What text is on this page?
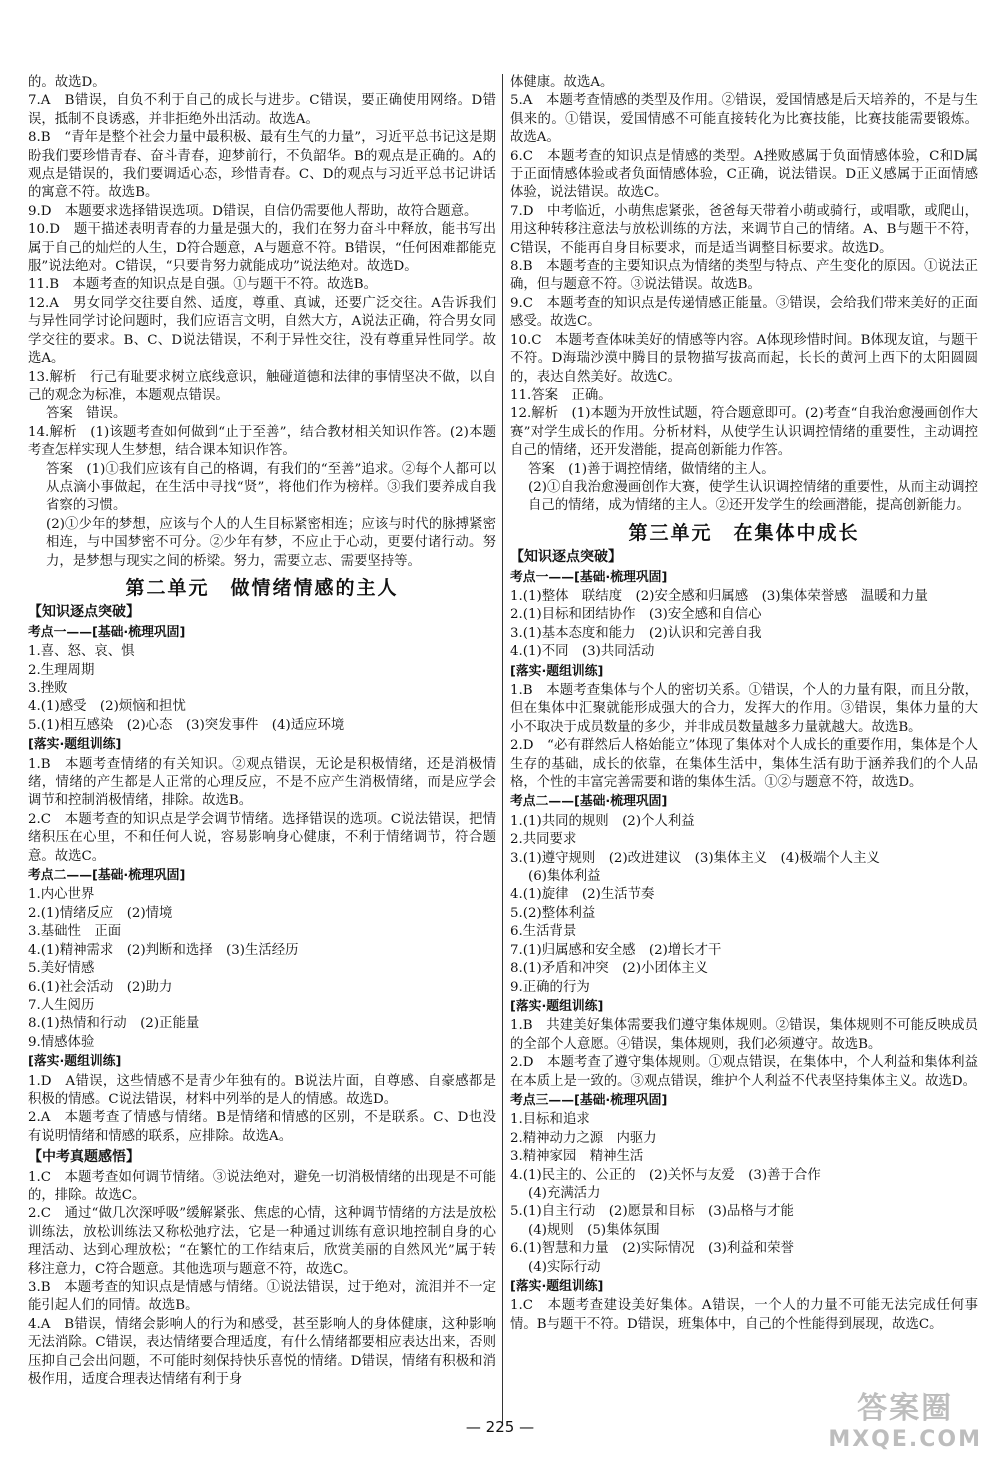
的。故选D。

7.A　B错误，自负不利于自己的成长与进步。C错误，要正确使用网络。D错误，抵制不良诱惑，并非拒绝外出活动。故选A。

8.B　“青年是整个社会力量中最积极、最有生气的力量”，习近平总书记这是期盼我们要珍惜青春、奋斗青春，迎梦前行，不负韶华。B的观点是正确的。A的观点是错误的，我们要调适心态，珍惜青春。C、D的观点与习近平总书记讲话的寓意不符。故选B。

9.D　本题要求选择错误选项。D错误，自信仍需要他人帮助，故符合题意。

10.D　题干描述表明青春的力量是强大的，我们在努力奋斗中释放，能书写出属于自己的灿烂的人生，D符合题意，A与题意不符。B错误，“任何困难都能克服”说法绝对。C错误，“只要肯努力就能成功”说法绝对。故选D。

11.B　本题考查的知识点是自强。①与题干不符。故选B。

12.A　男女同学交往要自然、适度，尊重、真诚，还要广泛交往。A告诉我们与异性同学讨论问题时，我们应语言文明，自然大方，A说法正确，符合男女同学交往的要求。B、C、D说法错误，不利于异性交往，没有尊重异性同学。故选A。

13.解析　行己有耻要求树立底线意识，触碰道德和法律的事情坚决不做，以自己的观念为标准，本题观点错误。

答案　错误。

14.解析　(1)该题考查如何做到“止于至善”，结合教材相关知识作答。(2)本题考查怎样实现人生梦想，结合课本知识作答。

答案　(1)①我们应该有自己的格调，有我们的“至善”追求。②每个人都可以从点滴小事做起，在生活中寻找“贤”，将他们作为榜样。③我们要养成自我省察的习惯。

(2)①少年的梦想，应该与个人的人生目标紧密相连；应该与时代的脉搏紧密相连，与中国梦密不可分。②少年有梦，不应止于心动，更要付诸行动。努力，是梦想与现实之间的桥梁。努力，需要立志、需要坚持等。

第二单元　做情绪情感的主人
【知识逐点突破】
考点一——[基础·梳理巩固]

1.喜、怒、哀、惧

2.生理周期

3.挫败

4.(1)感受　(2)烦恼和担忧

5.(1)相互感染　(2)心态　(3)突发事件　(4)适应环境

[落实·题组训练]

1.B　本题考查情绪的有关知识。②观点错误，无论是积极情绪，还是消极情绪，情绪的产生都是人正常的心理反应，不是不应产生消极情绪，而是应学会调节和控制消极情绪，排除。故选B。

2.C　本题考查的知识点是学会调节情绪。选择错误的选项。C说法错误，把情绪积压在心里，不和任何人说，容易影响身心健康，不利于情绪调节，符合题意。故选C。

考点二——[基础·梳理巩固]

1.内心世界

2.(1)情绪反应　(2)情境

3.基础性　正面

4.(1)精神需求　(2)判断和选择　(3)生活经历

5.美好情感

6.(1)社会活动　(2)助力

7.人生阅历

8.(1)热情和行动　(2)正能量

9.情感体验

[落实·题组训练]

1.D　A错误，这些情感不是青少年独有的。B说法片面，自尊感、自豪感都是积极的情感。C说法错误，材料中列举的是人的情感。故选D。

2.A　本题考查了情感与情绪。B是情绪和情感的区别，不是联系。C、D也没有说明情绪和情感的联系，应排除。故选A。

【中考真题感悟】

1.C　本题考查如何调节情绪。③说法绝对，避免一切消极情绪的出现是不可能的，排除。故选C。

2.C　通过“做几次深呼吸”缓解紧张、焦虑的心情，这种调节情绪的方法是放松训练法，放松训练法又称松弛疗法，它是一种通过训练有意识地控制自身的心理活动、达到心理放松；“在繁忙的工作结束后，欣赏美丽的自然风光”属于转移注意力，C符合题意。其他选项与题意不符，故选C。

3.B　本题考查的知识点是情感与情绪。①说法错误，过于绝对，流泪并不一定能引起人们的同情。故选B。

4.A　B错误，情绪会影响人的行为和感受，甚至影响人的身体健康，这种影响无法消除。C错误，表达情绪要合理适度，有什么情绪都要相应表达出来，否则压抑自己会出问题，不可能时刻保持快乐喜悦的情绪。D错误，情绪有积极和消极作用，适度合理表达情绪有利于身

体健康。故选A。

5.A　本题考查情感的类型及作用。②错误，爱国情感是后天培养的，不是与生俱来的。①错误，爱国情感不可能直接转化为比赛技能，比赛技能需要锻炼。故选A。

6.C　本题考查的知识点是情感的类型。A挫败感属于负面情感体验，C和D属于正面情感体验或者负面情感体验，C正确，说法错误。D正义感属于正面情感体验，说法错误。故选C。

7.D　中考临近，小萌焦虑紧张，爸爸每天带着小萌或骑行，或唱歌，或爬山，用这种转移注意法与放松训练的方法，来调节自己的情绪。A、B与题干不符，C错误，不能再自身目标要求，而是适当调整目标要求。故选D。

8.B　本题考查的主要知识点为情绪的类型与特点、产生变化的原因。①说法正确，但与题意不符。③说法错误。故选B。

9.C　本题考查的知识点是传递情感正能量。③错误，会给我们带来美好的正面感受。故选C。

10.C　本题考查体味美好的情感等内容。A体现珍惜时间。B体现友谊，与题干不符。D海瑞沙漠中腾目的景物描写拔高而起，长长的黄河上西下的太阳圆圆的，表达自然美好。故选C。

11.答案　正确。

12.解析　(1)本题为开放性试题，符合题意即可。(2)考查“自我治愈漫画创作大赛”对学生成长的作用。分析材料，从使学生认识调控情绪的重要性，主动调控自己的情绪，还开发潜能，提高创新能力作答。

答案　(1)善于调控情绪，做情绪的主人。

(2)①自我治愈漫画创作大赛，使学生认识调控情绪的重要性，从而主动调控自己的情绪，成为情绪的主人。②还开发学生的绘画潜能，提高创新能力。

第三单元　在集体中成长
【知识逐点突破】
考点一——[基础·梳理巩固]

1.(1)整体　联结度　(2)安全感和归属感　(3)集体荣誉感　温暖和力量

2.(1)目标和团结协作　(3)安全感和自信心

3.(1)基本态度和能力　(2)认识和完善自我

4.(1)不同　(3)共同活动

[落实·题组训练]

1.B　本题考查集体与个人的密切关系。①错误，个人的力量有限，而且分散，但在集体中汇聚就能形成强大的合力，发挥大的作用。③错误，集体力量的大小不取决于成员数量的多少，并非成员数量越多力量就越大。故选B。

2.D　“必有群然后人格始能立”体现了集体对个人成长的重要作用，集体是个人生存的基础，成长的依靠，在集体生活中，集体生活有助于涵养我们的个人品格，个性的丰富完善需要和谐的集体生活。①②与题意不符，故选D。

考点二——[基础·梳理巩固]

1.(1)共同的规则　(2)个人利益

2.共同要求

3.(1)遵守规则　(2)改进建议　(3)集体主义　(4)极端个人主义

(6)集体利益

4.(1)旋律　(2)生活节奏

5.(2)整体利益

6.生活背景

7.(1)归属感和安全感　(2)增长才干

8.(1)矛盾和冲突　(2)小团体主义

9.正确的行为

[落实·题组训练]

1.B　共建美好集体需要我们遵守集体规则。②错误，集体规则不可能反映成员的全部个人意愿。④错误，集体规则，我们必须遵守。故选B。

2.D　本题考查了遵守集体规则。①观点错误，在集体中，个人利益和集体利益在本质上是一致的。③观点错误，维护个人利益不代表坚持集体主义。故选D。

考点三——[基础·梳理巩固]

1.目标和追求

2.精神动力之源　内驱力

3.精神家园　精神生活

4.(1)民主的、公正的　(2)关怀与友爱　(3)善于合作

(4)充满活力

5.(1)自主行动　(2)愿景和目标　(3)品格与才能

(4)规则　(5)集体氛围

6.(1)智慧和力量　(2)实际情况　(3)利益和荣誉

(4)实际行动

[落实·题组训练]

1.C　本题考查建设美好集体。A错误，一个人的力量不可能无法完成任何事情。B与题干不符。D错误，班集体中，自己的个性能得到展现，故选C。

— 225 —
答案圈
MXQE.COM
